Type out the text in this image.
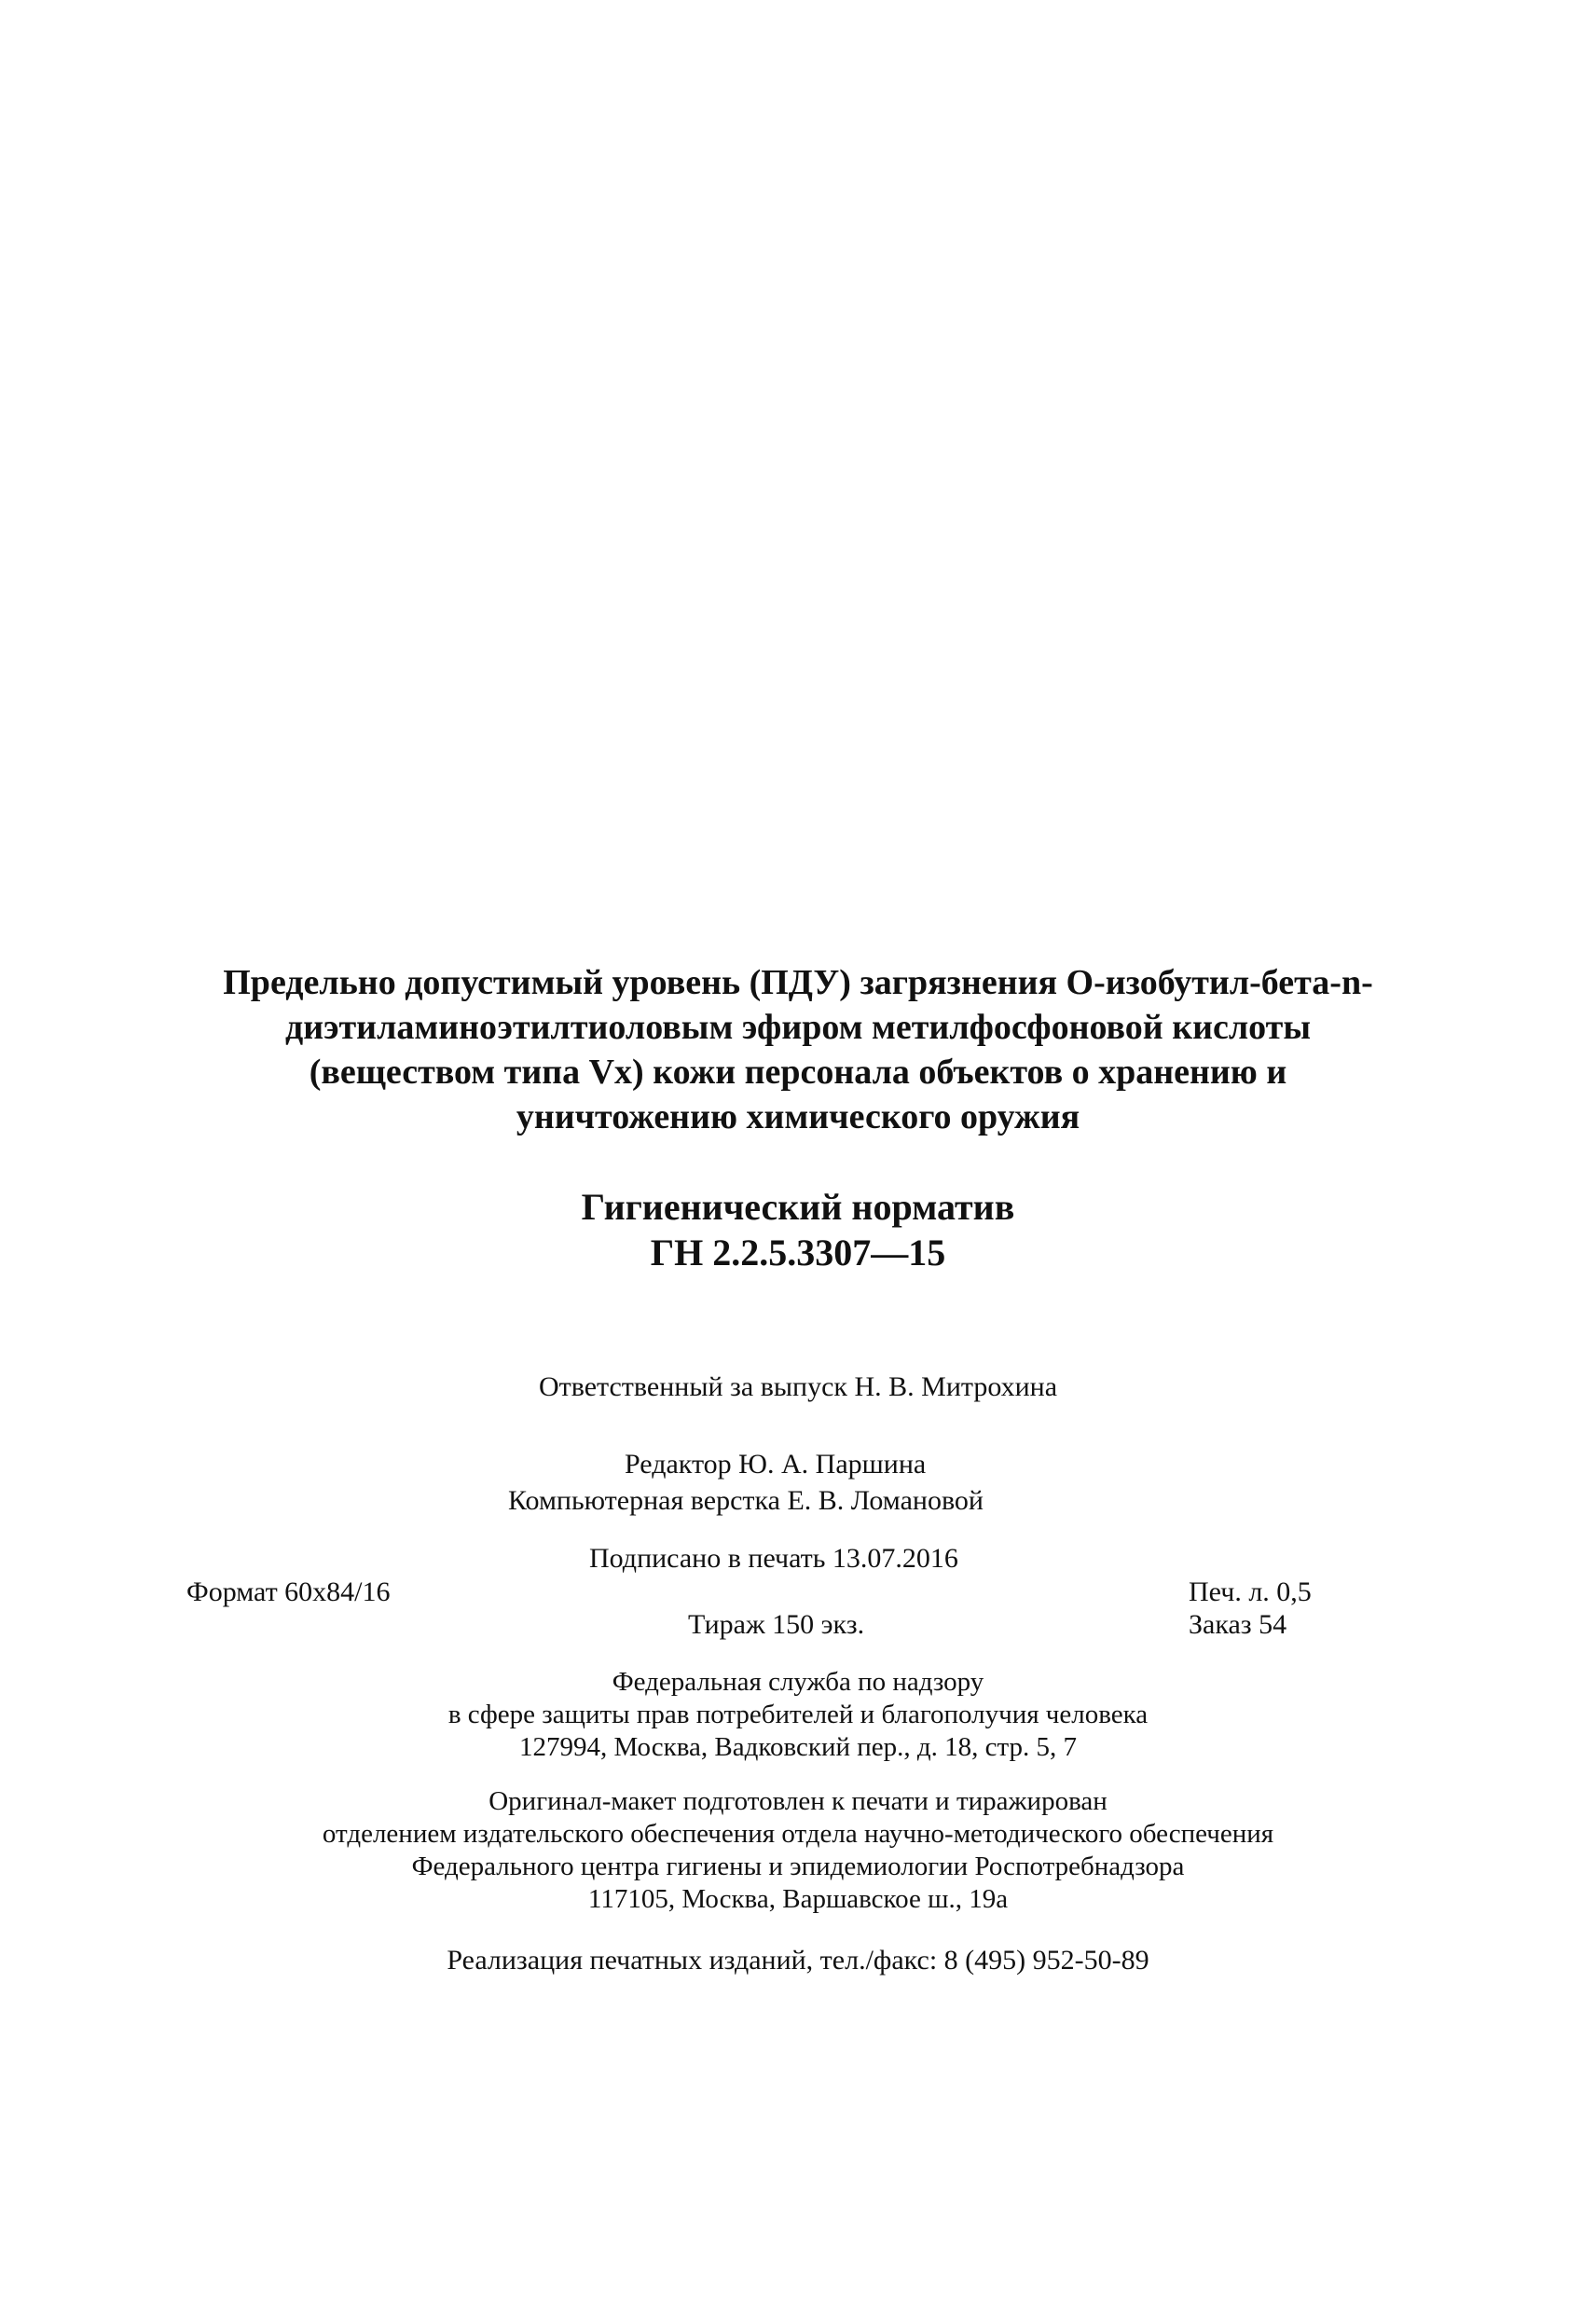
Предельно допустимый уровень (ПДУ) загрязнения О-изобутил-бета-n-
диэтиламиноэтилтиоловым эфиром метилфосфоновой кислоты
(веществом типа Vx) кожи персонала объектов о хранению и
уничтожению химического оружия
Гигиенический норматив
ГН 2.2.5.3307—15
Ответственный за выпуск Н. В. Митрохина
Редактор Ю. А. Паршина
Компьютерная верстка Е. В. Ломановой
Подписано в печать 13.07.2016
Формат 60x84/16	Печ. л. 0,5
Тираж 150 экз.	Заказ 54
Федеральная служба по надзору
в сфере защиты прав потребителей и благополучия человека
127994, Москва, Вадковский пер., д. 18, стр. 5, 7
Оригинал-макет подготовлен к печати и тиражирован
отделением издательского обеспечения отдела научно-методического обеспечения
Федерального центра гигиены и эпидемиологии Роспотребнадзора
117105, Москва, Варшавское ш., 19а
Реализация печатных изданий, тел./факс: 8 (495) 952-50-89
